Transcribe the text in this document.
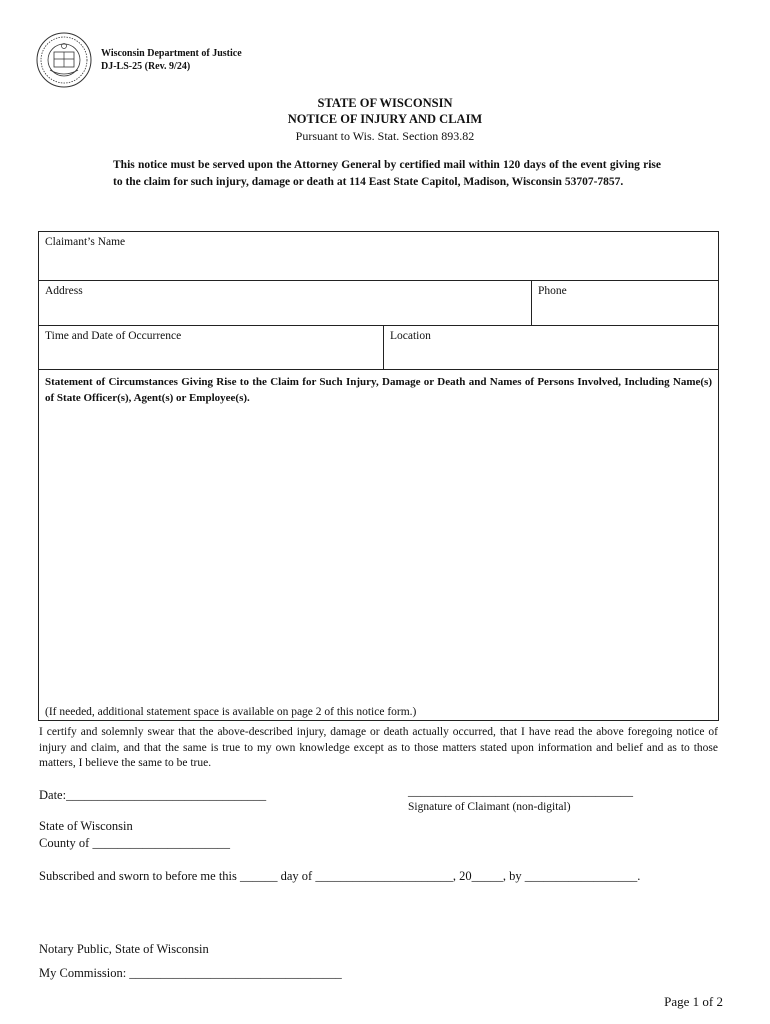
Wisconsin Department of Justice
DJ-LS-25 (Rev. 9/24)
STATE OF WISCONSIN
NOTICE OF INJURY AND CLAIM
Pursuant to Wis. Stat. Section 893.82
This notice must be served upon the Attorney General by certified mail within 120 days of the event giving rise to the claim for such injury, damage or death at 114 East State Capitol, Madison, Wisconsin 53707-7857.
Claimant’s Name
Address	Phone
Time and Date of Occurrence	Location
Statement of Circumstances Giving Rise to the Claim for Such Injury, Damage or Death and Names of Persons Involved, Including Name(s) of State Officer(s), Agent(s) or Employee(s).
(If needed, additional statement space is available on page 2 of this notice form.)
I certify and solemnly swear that the above-described injury, damage or death actually occurred, that I have read the above foregoing notice of injury and claim, and that the same is true to my own knowledge except as to those matters stated upon information and belief and as to those matters, I believe the same to be true.
Date:________________________________	____________________________________
Signature of Claimant (non-digital)
State of Wisconsin
County of ______________________
Subscribed and sworn to before me this ______ day of ______________________, 20_____, by __________________.
Notary Public, State of Wisconsin
My Commission: __________________________________
Page 1 of 2
